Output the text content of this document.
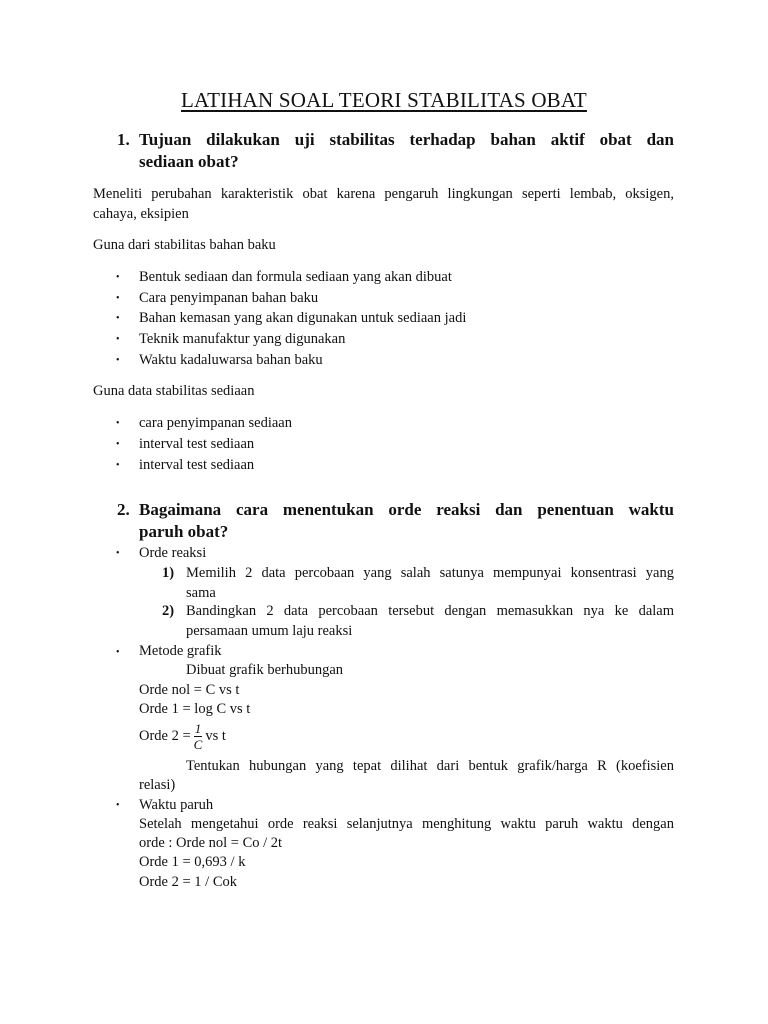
LATIHAN SOAL TEORI STABILITAS OBAT
1. Tujuan dilakukan uji stabilitas terhadap bahan aktif obat dan
sediaan obat?
Meneliti perubahan karakteristik obat karena pengaruh lingkungan seperti lembab, oksigen,
cahaya, eksipien
Guna dari stabilitas bahan baku
• Bentuk sediaan dan formula sediaan yang akan dibuat
• Cara penyimpanan bahan baku
• Bahan kemasan yang akan digunakan untuk sediaan jadi
• Teknik manufaktur yang digunakan
• Waktu kadaluwarsa bahan baku
Guna data stabilitas sediaan
• cara penyimpanan sediaan
• interval test sediaan
• interval test sediaan
2. Bagaimana cara menentukan orde reaksi dan penentuan waktu
paruh obat?
• Orde reaksi
1) Memilih 2 data percobaan yang salah satunya mempunyai konsentrasi yang
sama
2) Bandingkan 2 data percobaan tersebut dengan memasukkan nya ke dalam
persamaan umum laju reaksi
• Metode grafik
Dibuat grafik berhubungan
Orde nol = C vs t
Orde 1 = log C vs t
Orde $2 = \frac{1}{C}$ vs t
Tentukan hubungan yang tepat dilihat dari bentuk grafik/harga R (koefisien
relasi)
• Waktu paruh
Setelah mengetahui orde reaksi selanjutnya menghitung waktu paruh waktu dengan
orde : Orde nol = Co / 2t
Orde 1 = 0,693 / k
Orde 2 = 1 / Cok
